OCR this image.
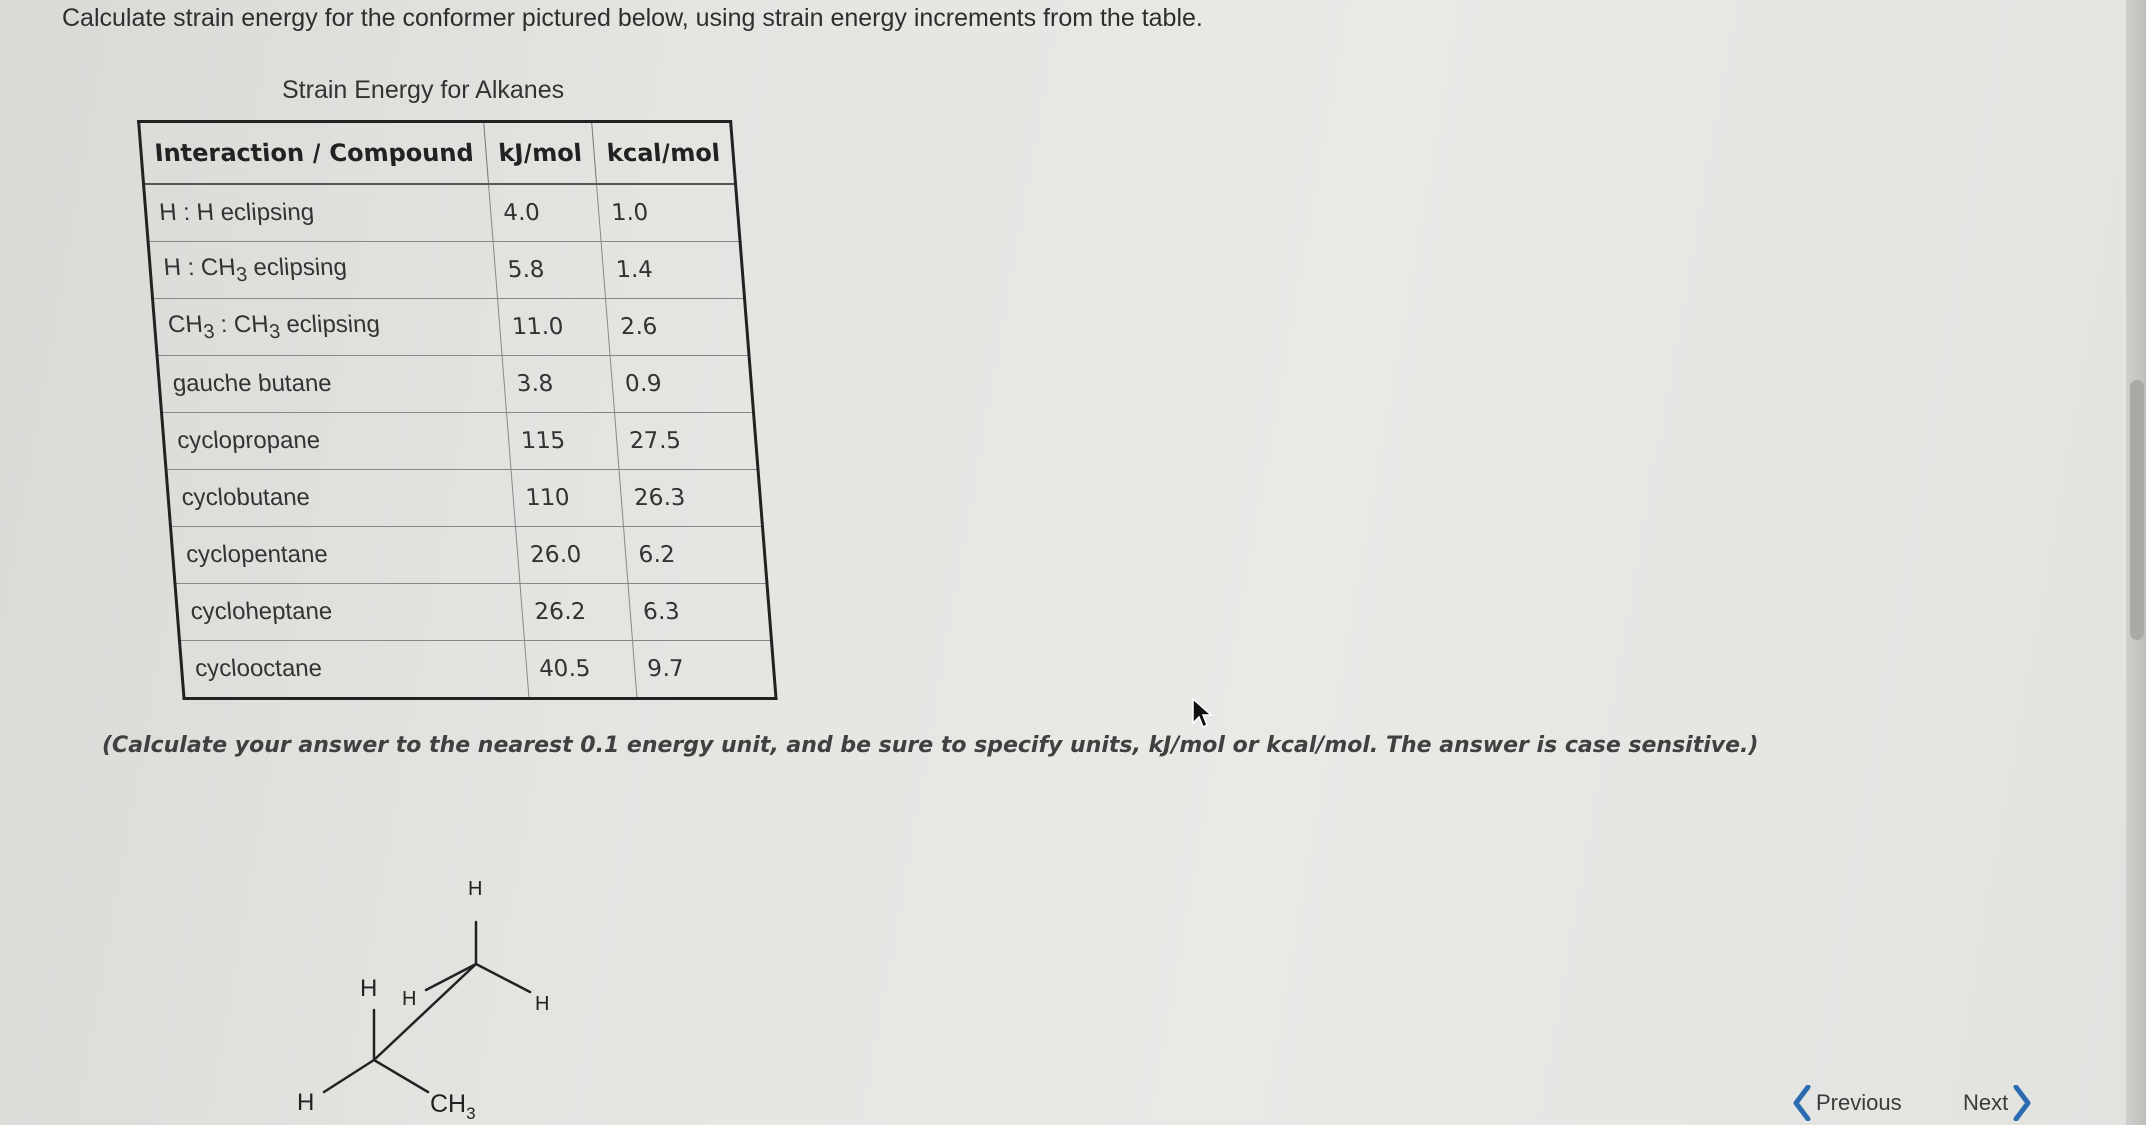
Calculate strain energy for the conformer pictured below, using strain energy increments from the table.
Strain Energy for Alkanes
Interaction / Compound	kJ/mol	kcal/mol
H : H eclipsing	4.0	1.0
H : $CH_3$ eclipsing	5.8	1.4
$CH_3$ : $CH_3$ eclipsing	11.0	2.6
gauche butane	3.8	0.9
cyclopropane	115	27.5
cyclobutane	110	26.3
cyclopentane	26.0	6.2
cycloheptane	26.2	6.3
cyclooctane	40.5	9.7
(Calculate your answer to the nearest 0.1 energy unit, and be sure to specify units, kJ/mol or kcal/mol. The answer is case sensitive.)
H
H	H
H
H	$CH_3$	Previous	Next
